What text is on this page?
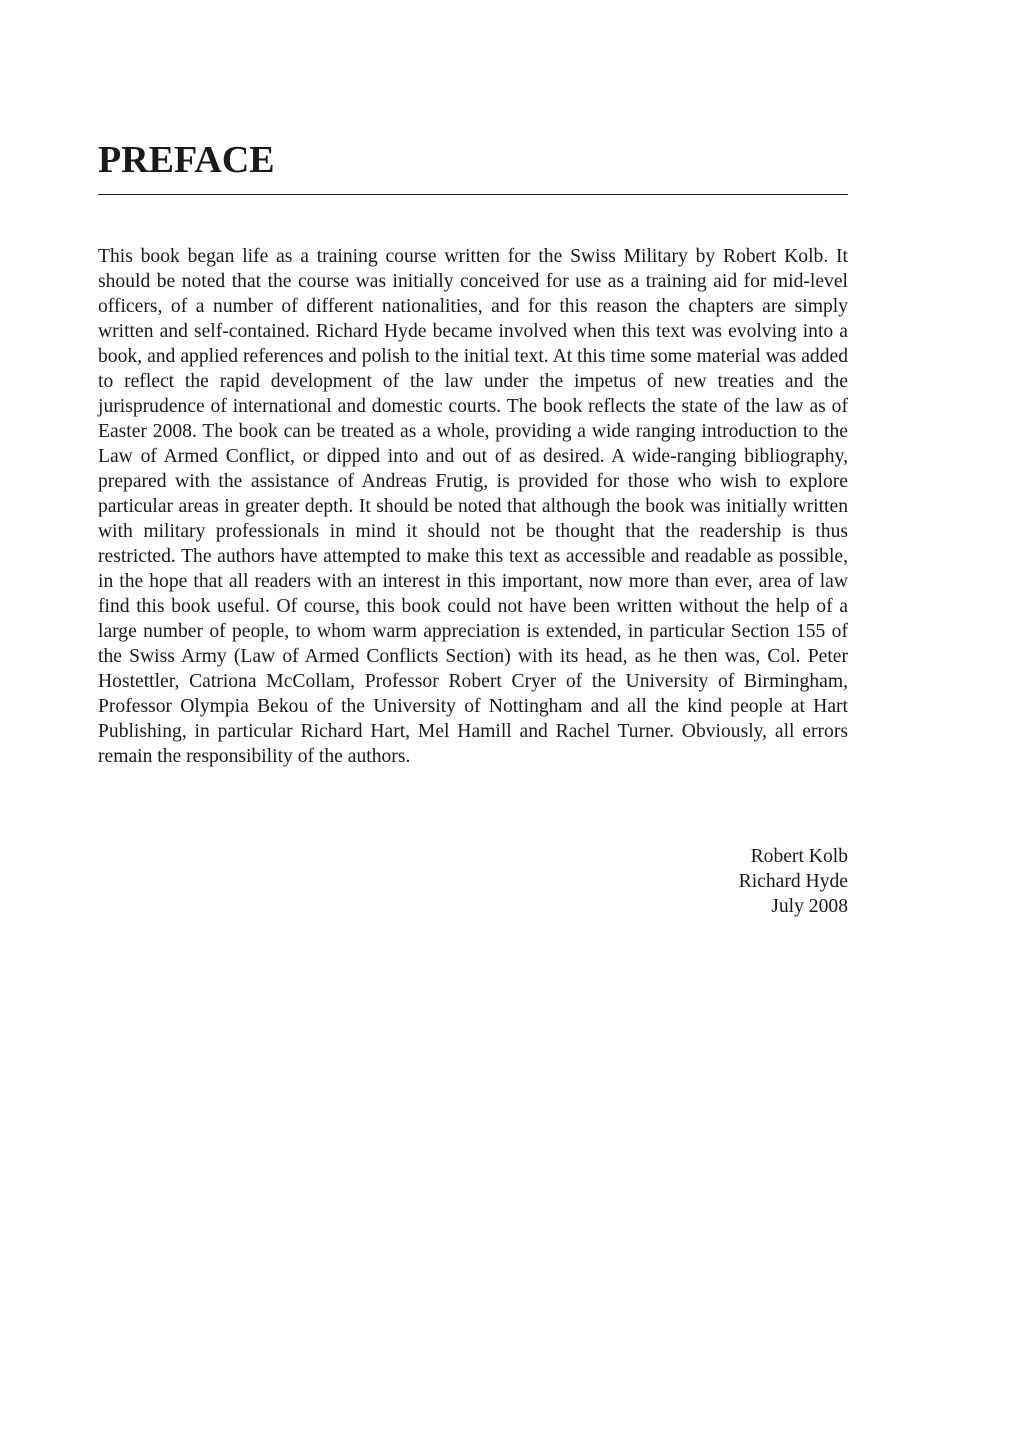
PREFACE

This book began life as a training course written for the Swiss Military by Robert Kolb. It should be noted that the course was initially conceived for use as a training aid for mid-level officers, of a number of different nationalities, and for this reason the chapters are simply written and self-contained. Richard Hyde became involved when this text was evolving into a book, and applied references and polish to the initial text. At this time some material was added to reflect the rapid development of the law under the impetus of new treaties and the jurisprudence of international and domestic courts. The book reflects the state of the law as of Easter 2008. The book can be treated as a whole, providing a wide ranging introduction to the Law of Armed Conflict, or dipped into and out of as desired. A wide-ranging bibliography, prepared with the assistance of Andreas Frutig, is provided for those who wish to explore particular areas in greater depth. It should be noted that although the book was initially written with military professionals in mind it should not be thought that the readership is thus restricted. The authors have attempted to make this text as accessible and readable as possible, in the hope that all readers with an interest in this important, now more than ever, area of law find this book useful. Of course, this book could not have been written without the help of a large number of people, to whom warm appreciation is extended, in particular Section 155 of the Swiss Army (Law of Armed Conflicts Section) with its head, as he then was, Col. Peter Hostettler, Catriona McCollam, Professor Robert Cryer of the University of Birmingham, Professor Olympia Bekou of the University of Nottingham and all the kind people at Hart Publishing, in particular Richard Hart, Mel Hamill and Rachel Turner. Obviously, all errors remain the responsibility of the authors.

Robert Kolb
Richard Hyde
July 2008
